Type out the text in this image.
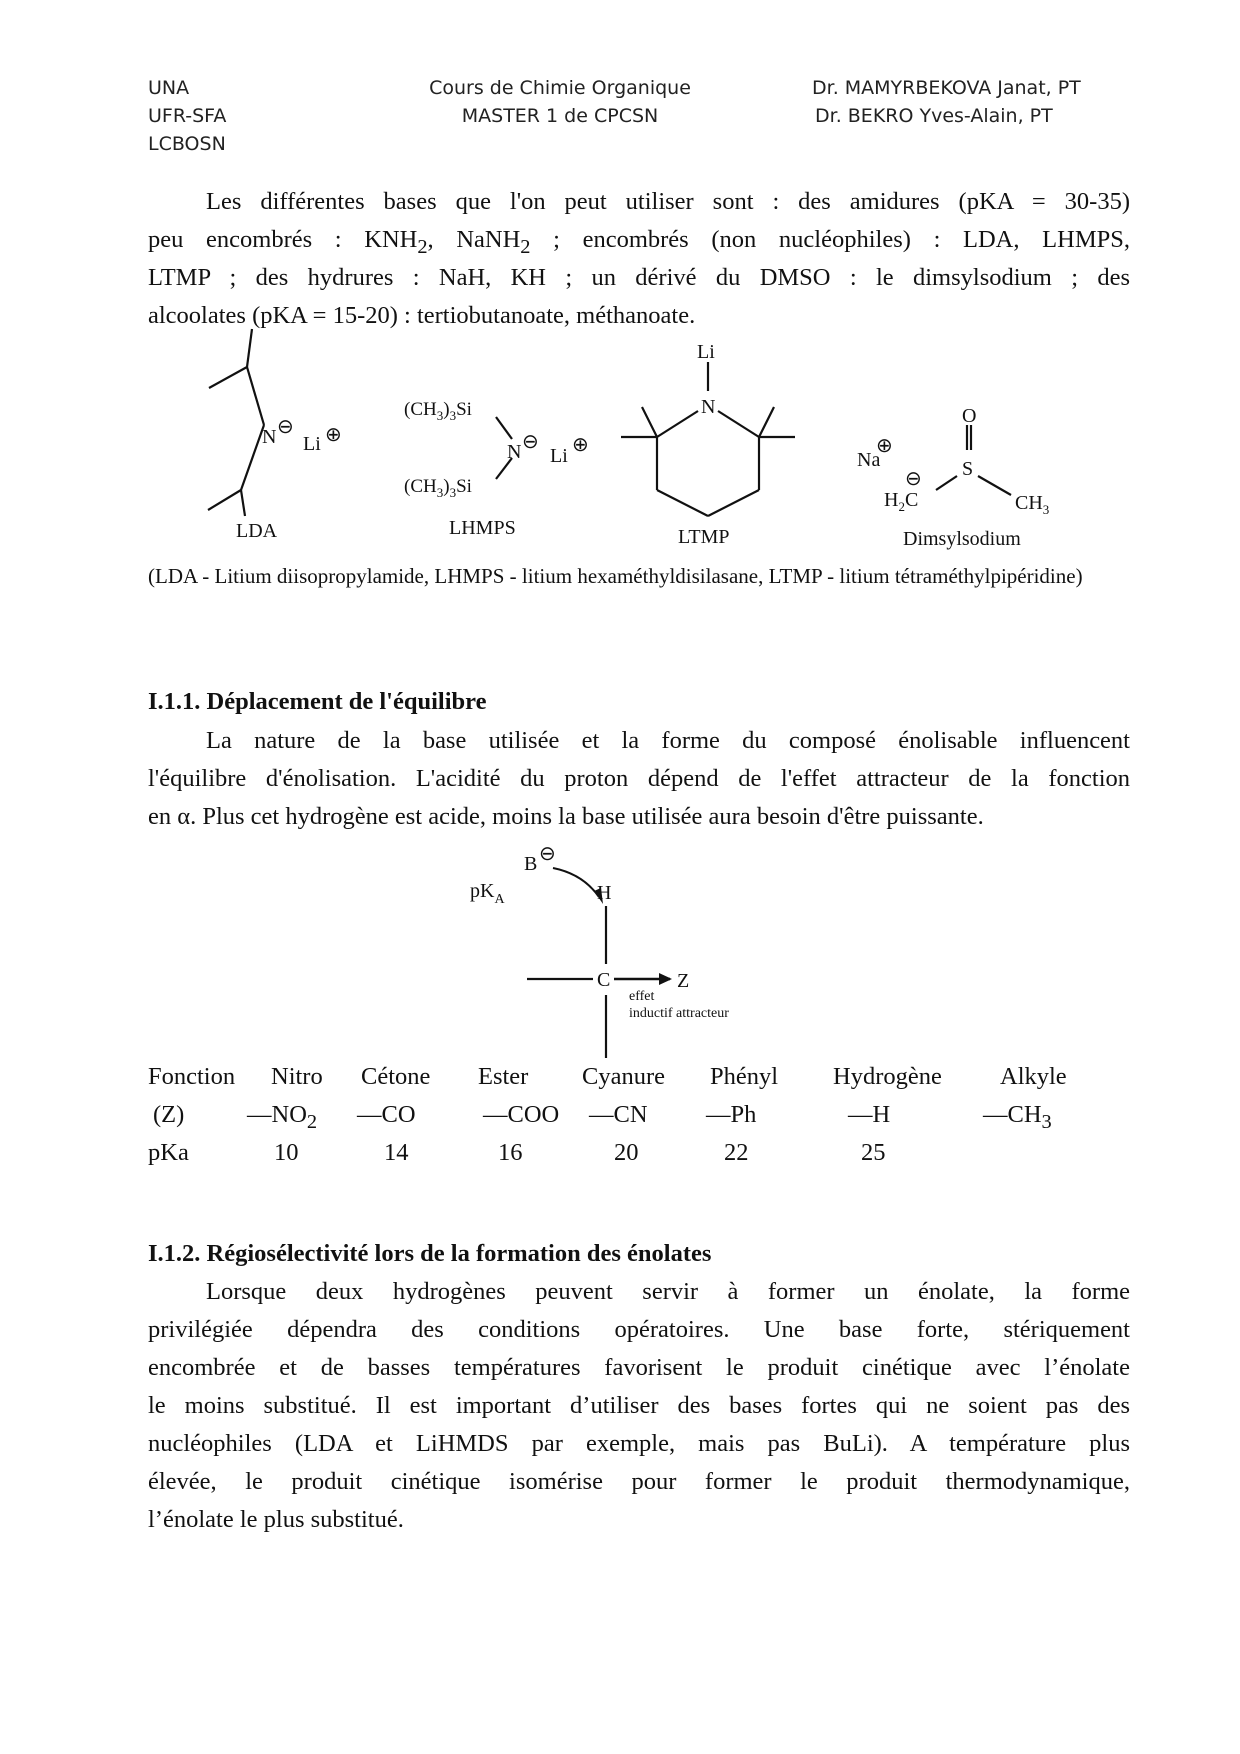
UNA
UFR-SFA
LCBOSN
Cours de Chimie Organique
MASTER 1 de CPCSN
Dr. MAMYRBEKOVA Janat, PT
Dr. BEKRO Yves-Alain, PT
Les différentes bases que l'on peut utiliser sont : des amidures (pKA = 30-35)
peu encombrés : $KNH_2$, NaNH$_2$ ; encombrés (non nucléophiles) : LDA, LHMPS,
LTMP ; des hydrures : NaH, KH ; un dérivé du DMSO : le dimsylsodium ; des
alcoolates (pKA = 15-20) : tertiobutanoate, méthanoate.
N ⊖
Li ⊕
LDA
$(CH_3)_3Si$
$(CH_3)_3Si$
N ⊖
Li ⊕
LHMPS
Li
N
LTMP
O
S
Na
⊕
⊖
$H_2C$	$CH_3$
Dimsylsodium
(LDA - Litium diisopropylamide, LHMPS - litium hexaméthyldisilasane, LTMP - litium tétraméthylpipéridine)
I.1.1. Déplacement de l'équilibre
La nature de la base utilisée et la forme du composé énolisable influencent
l'équilibre d'énolisation. L'acidité du proton dépend de l'effet attracteur de la fonction
en α. Plus cet hydrogène est acide, moins la base utilisée aura besoin d'être puissante.
B ⊖
$pK_A$	H
C	Z
effet
inductif attracteur
Fonction Nitro Cétone Ester Cyanure Phényl Hydrogène Alkyle
(Z)	$—NO_2$ —CO	—COO —CN —Ph	—H	$—CH_3$
pKa	10	14	16	20	22	25
I.1.2. Régiosélectivité lors de la formation des énolates
Lorsque deux hydrogènes peuvent servir à former un énolate, la forme
privilégiée dépendra des conditions opératoires. Une base forte, stériquement
encombrée et de basses températures favorisent le produit cinétique avec l’énolate
le moins substitué. Il est important d’utiliser des bases fortes qui ne soient pas des
nucléophiles (LDA et LiHMDS par exemple, mais pas BuLi). A température plus
élevée, le produit cinétique isomérise pour former le produit thermodynamique,
l’énolate le plus substitué.
